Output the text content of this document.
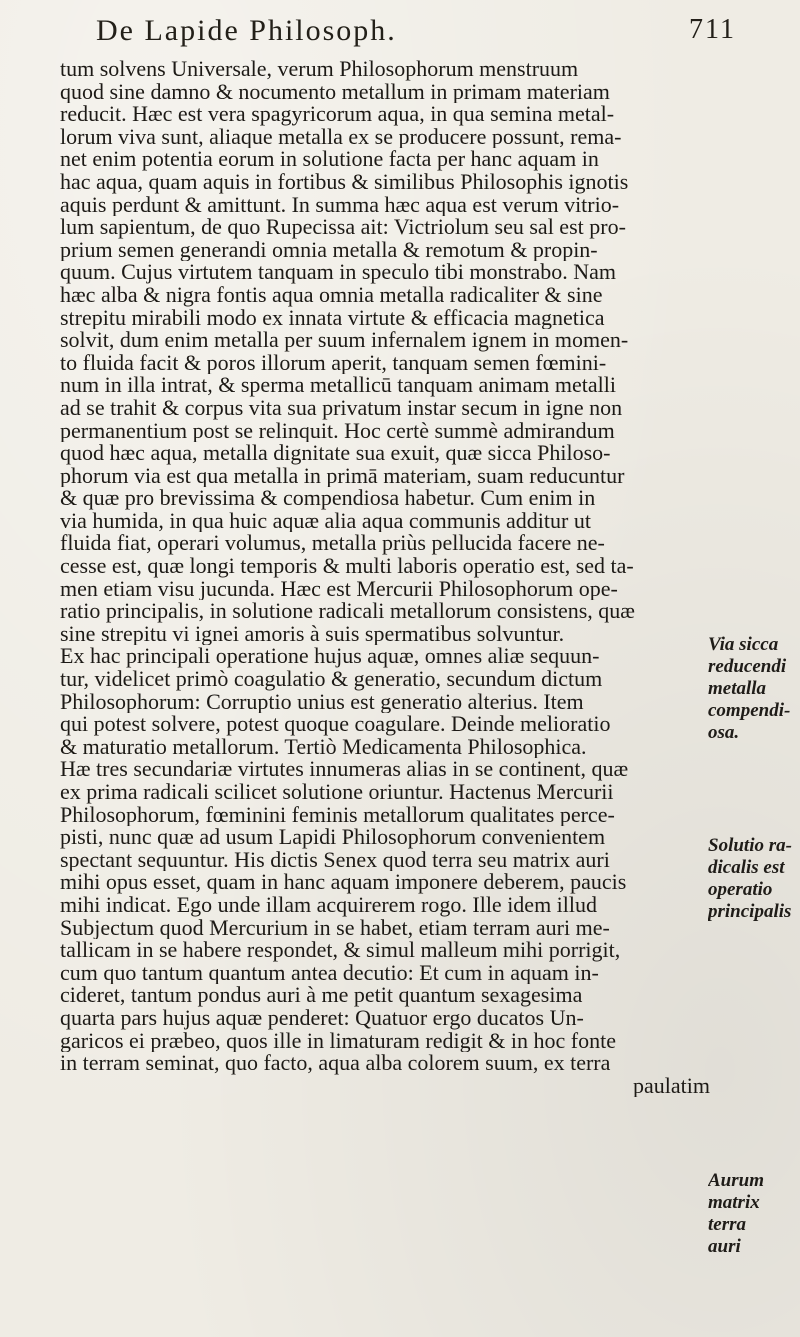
De Lapide Philosoph.	711
tum solvens Universale, verum Philosophorum menstruum
quod sine damno & nocumento metallum in primam materiam
reducit. Hæc est vera spagyricorum aqua, in qua semina metal-
lorum viva sunt, aliaque metalla ex se producere possunt, rema-
net enim potentia eorum in solutione facta per hanc aquam in
hac aqua, quam aquis in fortibus & similibus Philosophis ignotis
aquis perdunt & amittunt. In summa hæc aqua est verum vitrio-
lum sapientum, de quo Rupecissa ait: Victriolum seu sal est pro-
prium semen generandi omnia metalla & remotum & propin-
quum. Cujus virtutem tanquam in speculo tibi monstrabo. Nam
hæc alba & nigra fontis aqua omnia metalla radicaliter & sine
strepitu mirabili modo ex innata virtute & efficacia magnetica
solvit, dum enim metalla per suum infernalem ignem in momen-
to fluida facit & poros illorum aperit, tanquam semen fœmini-
num in illa intrat, & sperma metallicū tanquam animam metalli
ad se trahit & corpus vita sua privatum instar secum in igne non
permanentium post se relinquit. Hoc certè summè admirandum
quod hæc aqua, metalla dignitate sua exuit, quæ sicca Philoso-
phorum via est qua metalla in primā materiam, suam reducuntur
& quæ pro brevissima & compendiosa habetur. Cum enim in
via humida, in qua huic aquæ alia aqua communis additur ut
fluida fiat, operari volumus, metalla priùs pellucida facere ne-
cesse est, quæ longi temporis & multi laboris operatio est, sed ta-
men etiam visu jucunda. Hæc est Mercurii Philosophorum ope-
ratio principalis, in solutione radicali metallorum consistens, quæ
sine strepitu vi ignei amoris à suis spermatibus solvuntur.
Ex hac principali operatione hujus aquæ, omnes aliæ sequun-
tur, videlicet primò coagulatio & generatio, secundum dictum
Philosophorum: Corruptio unius est generatio alterius. Item
qui potest solvere, potest quoque coagulare. Deinde melioratio
& maturatio metallorum. Tertiò Medicamenta Philosophica.
Hæ tres secundariæ virtutes innumeras alias in se continent, quæ
ex prima radicali scilicet solutione oriuntur. Hactenus Mercurii
Philosophorum, fœminini feminis metallorum qualitates perce-
pisti, nunc quæ ad usum Lapidi Philosophorum convenientem
spectant sequuntur. His dictis Senex quod terra seu matrix auri
mihi opus esset, quam in hanc aquam imponere deberem, paucis
mihi indicat. Ego unde illam acquirerem rogo. Ille idem illud
Subjectum quod Mercurium in se habet, etiam terram auri me-
tallicam in se habere respondet, & simul malleum mihi porrigit,
cum quo tantum quantum antea decutio: Et cum in aquam in-
cideret, tantum pondus auri à me petit quantum sexagesima
quarta pars hujus aquæ penderet: Quatuor ergo ducatos Un-
garicos ei præbeo, quos ille in limaturam redigit & in hoc fonte
in terram seminat, quo facto, aqua alba colorem suum, ex terra
paulatim
Via sicca
reducendi
metalla
compendi-
osa.
Solutio ra-
dicalis est
operatio
principalis
Aurum
matrix
terra
auri
